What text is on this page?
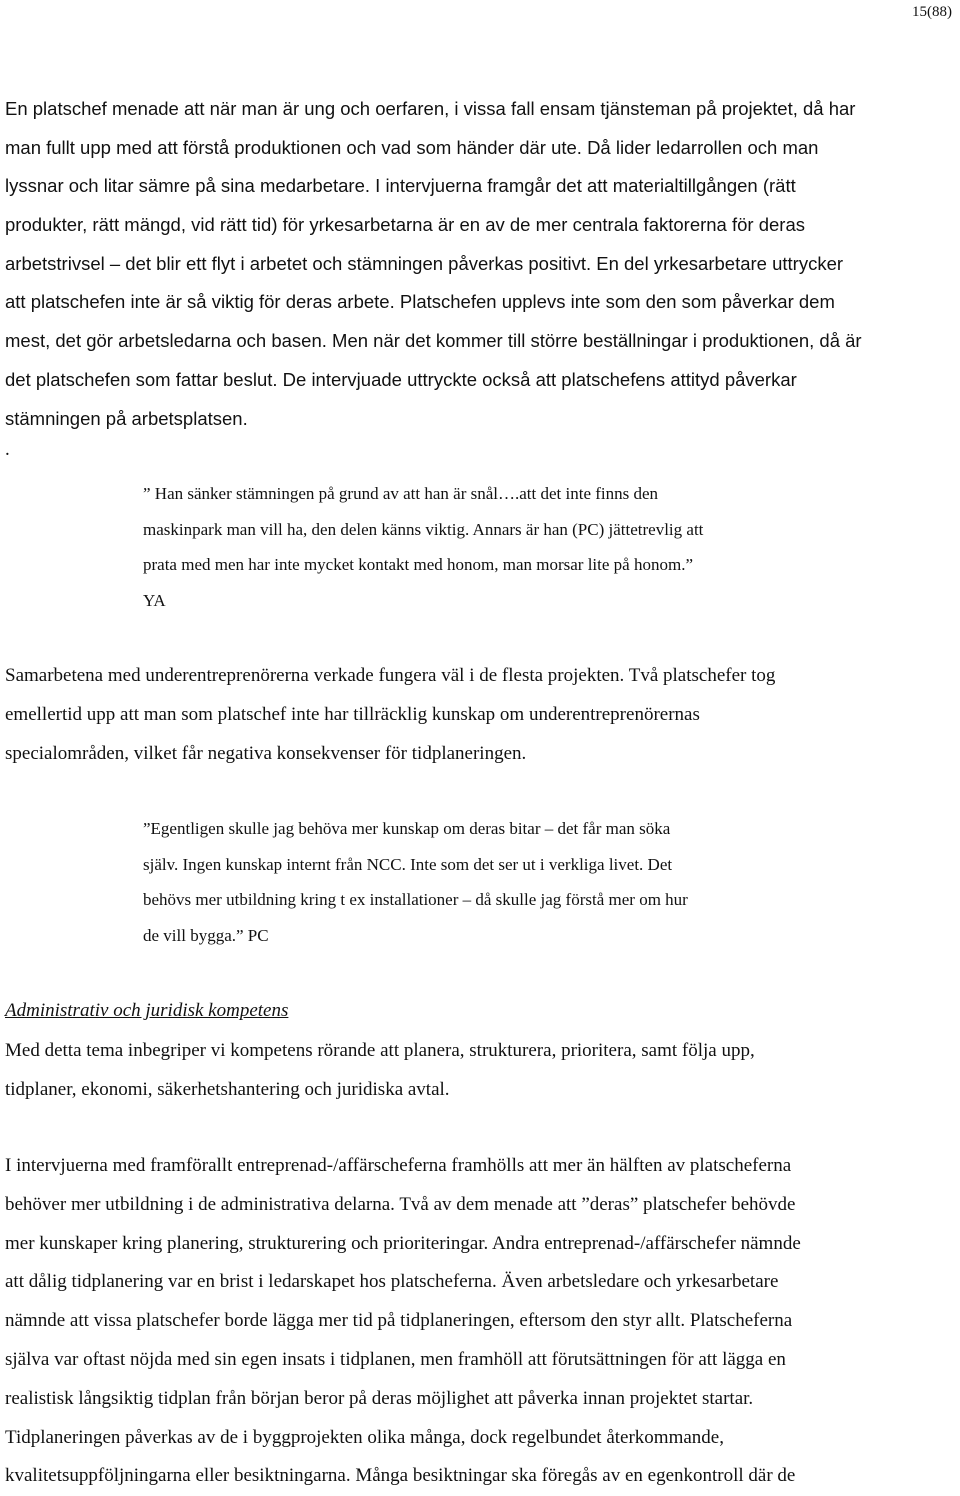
15(88)
En platschef menade att när man är ung och oerfaren, i vissa fall ensam tjänsteman på projektet, då har
man fullt upp med att förstå produktionen och vad som händer där ute. Då lider ledarrollen och man
lyssnar och litar sämre på sina medarbetare. I intervjuerna framgår det att materialtillgången (rätt
produkter, rätt mängd, vid rätt tid) för yrkesarbetarna är en av de mer centrala faktorerna för deras
arbetstrivsel – det blir ett flyt i arbetet och stämningen påverkas positivt. En del yrkesarbetare uttrycker
att platschefen inte är så viktig för deras arbete. Platschefen upplevs inte som den som påverkar dem
mest, det gör arbetsledarna och basen. Men när det kommer till större beställningar i produktionen, då är
det platschefen som fattar beslut. De intervjuade uttryckte också att platschefens attityd påverkar
stämningen på arbetsplatsen.
.
” Han sänker stämningen på grund av att han är snål….att det inte finns den
maskinpark man vill ha, den delen känns viktig. Annars är han (PC) jättetrevlig att
prata med men har inte mycket kontakt med honom, man morsar lite på honom.”
YA
Samarbetena med underentreprenörerna verkade fungera väl i de flesta projekten. Två platschefer tog
emellertid upp att man som platschef inte har tillräcklig kunskap om underentreprenörernas
specialområden, vilket får negativa konsekvenser för tidplaneringen.
”Egentligen skulle jag behöva mer kunskap om deras bitar – det får man söka
själv. Ingen kunskap internt från NCC. Inte som det ser ut i verkliga livet. Det
behövs mer utbildning kring t ex installationer – då skulle jag förstå mer om hur
de vill bygga.” PC
Administrativ och juridisk kompetens
Med detta tema inbegriper vi kompetens rörande att planera, strukturera, prioritera, samt följa upp,
tidplaner, ekonomi, säkerhetshantering och juridiska avtal.
I intervjuerna med framförallt entreprenad-/affärscheferna framhölls att mer än hälften av platscheferna
behöver mer utbildning i de administrativa delarna. Två av dem menade att ”deras” platschefer behövde
mer kunskaper kring planering, strukturering och prioriteringar. Andra entreprenad-/affärschefer nämnde
att dålig tidplanering var en brist i ledarskapet hos platscheferna. Även arbetsledare och yrkesarbetare
nämnde att vissa platschefer borde lägga mer tid på tidplaneringen, eftersom den styr allt. Platscheferna
själva var oftast nöjda med sin egen insats i tidplanen, men framhöll att förutsättningen för att lägga en
realistisk långsiktig tidplan från början beror på deras möjlighet att påverka innan projektet startar.
Tidplaneringen påverkas av de i byggprojekten olika många, dock regelbundet återkommande,
kvalitetsuppföljningarna eller besiktningarna. Många besiktningar ska föregås av en egenkontroll där de
